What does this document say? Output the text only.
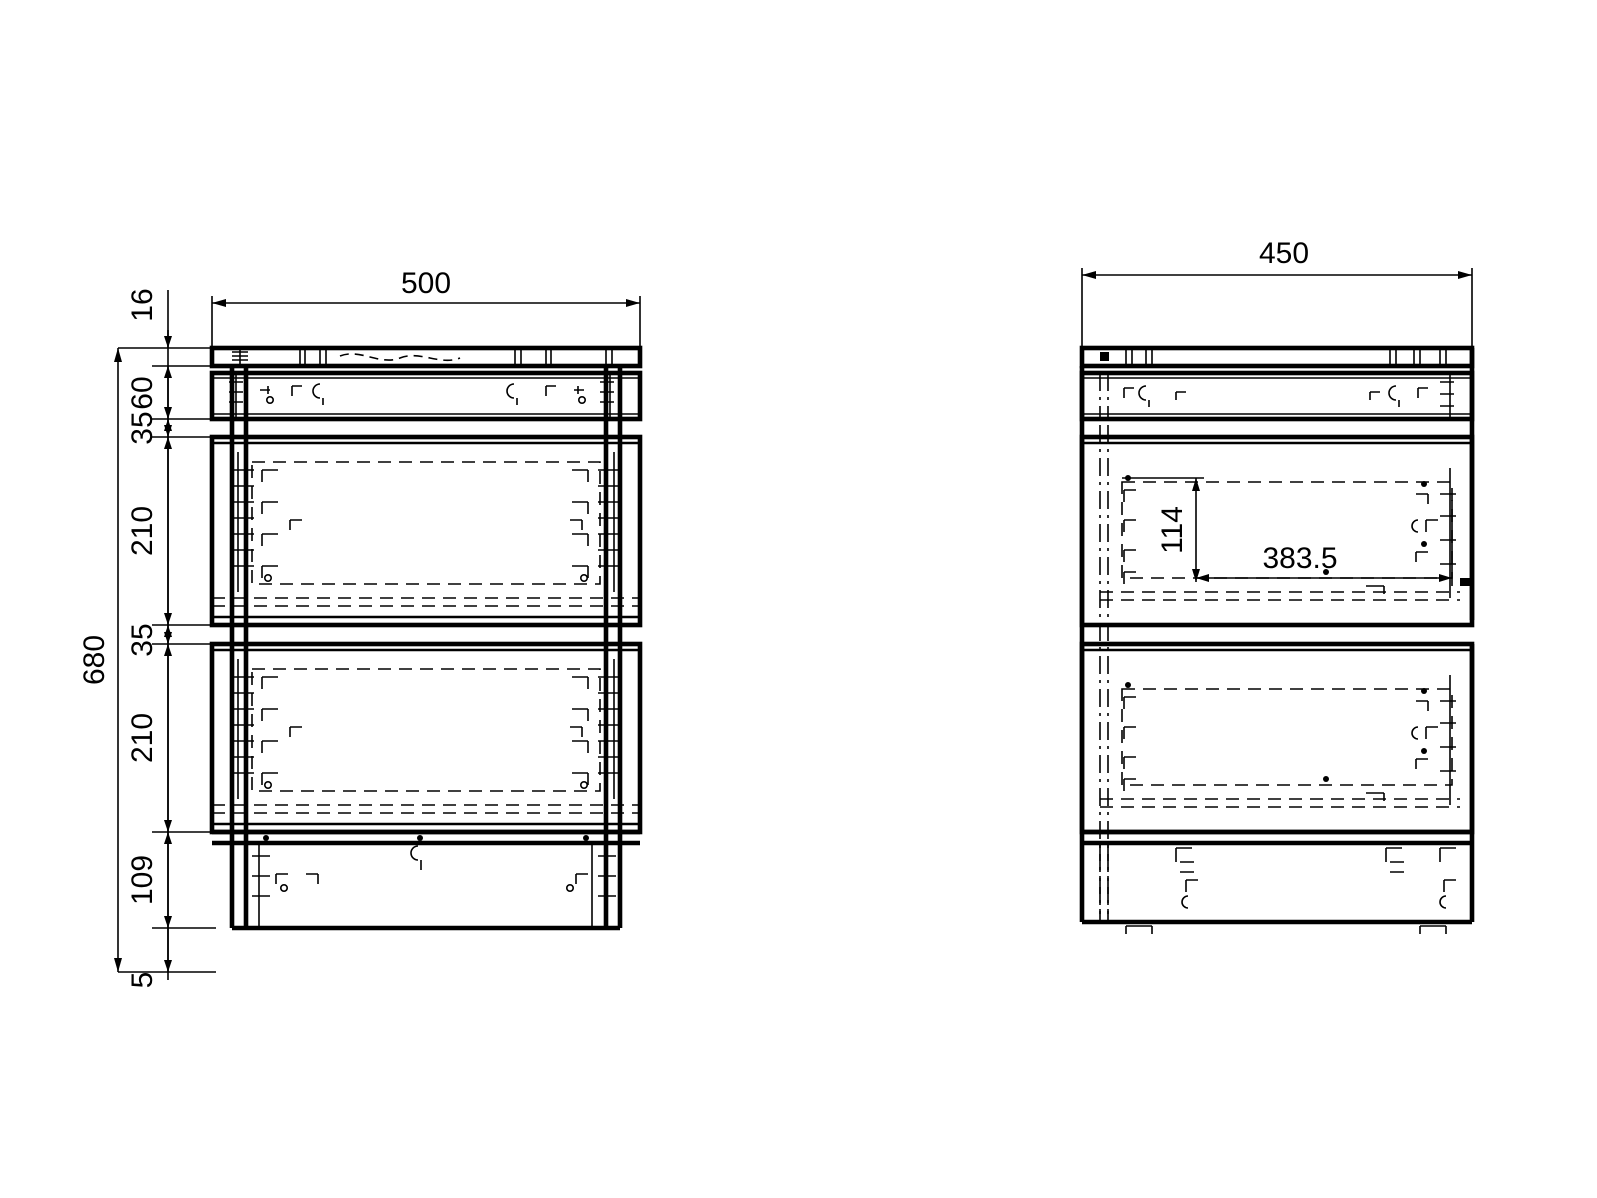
16
60
35
210
35
210
109
5
680
500
450
114
383.5
